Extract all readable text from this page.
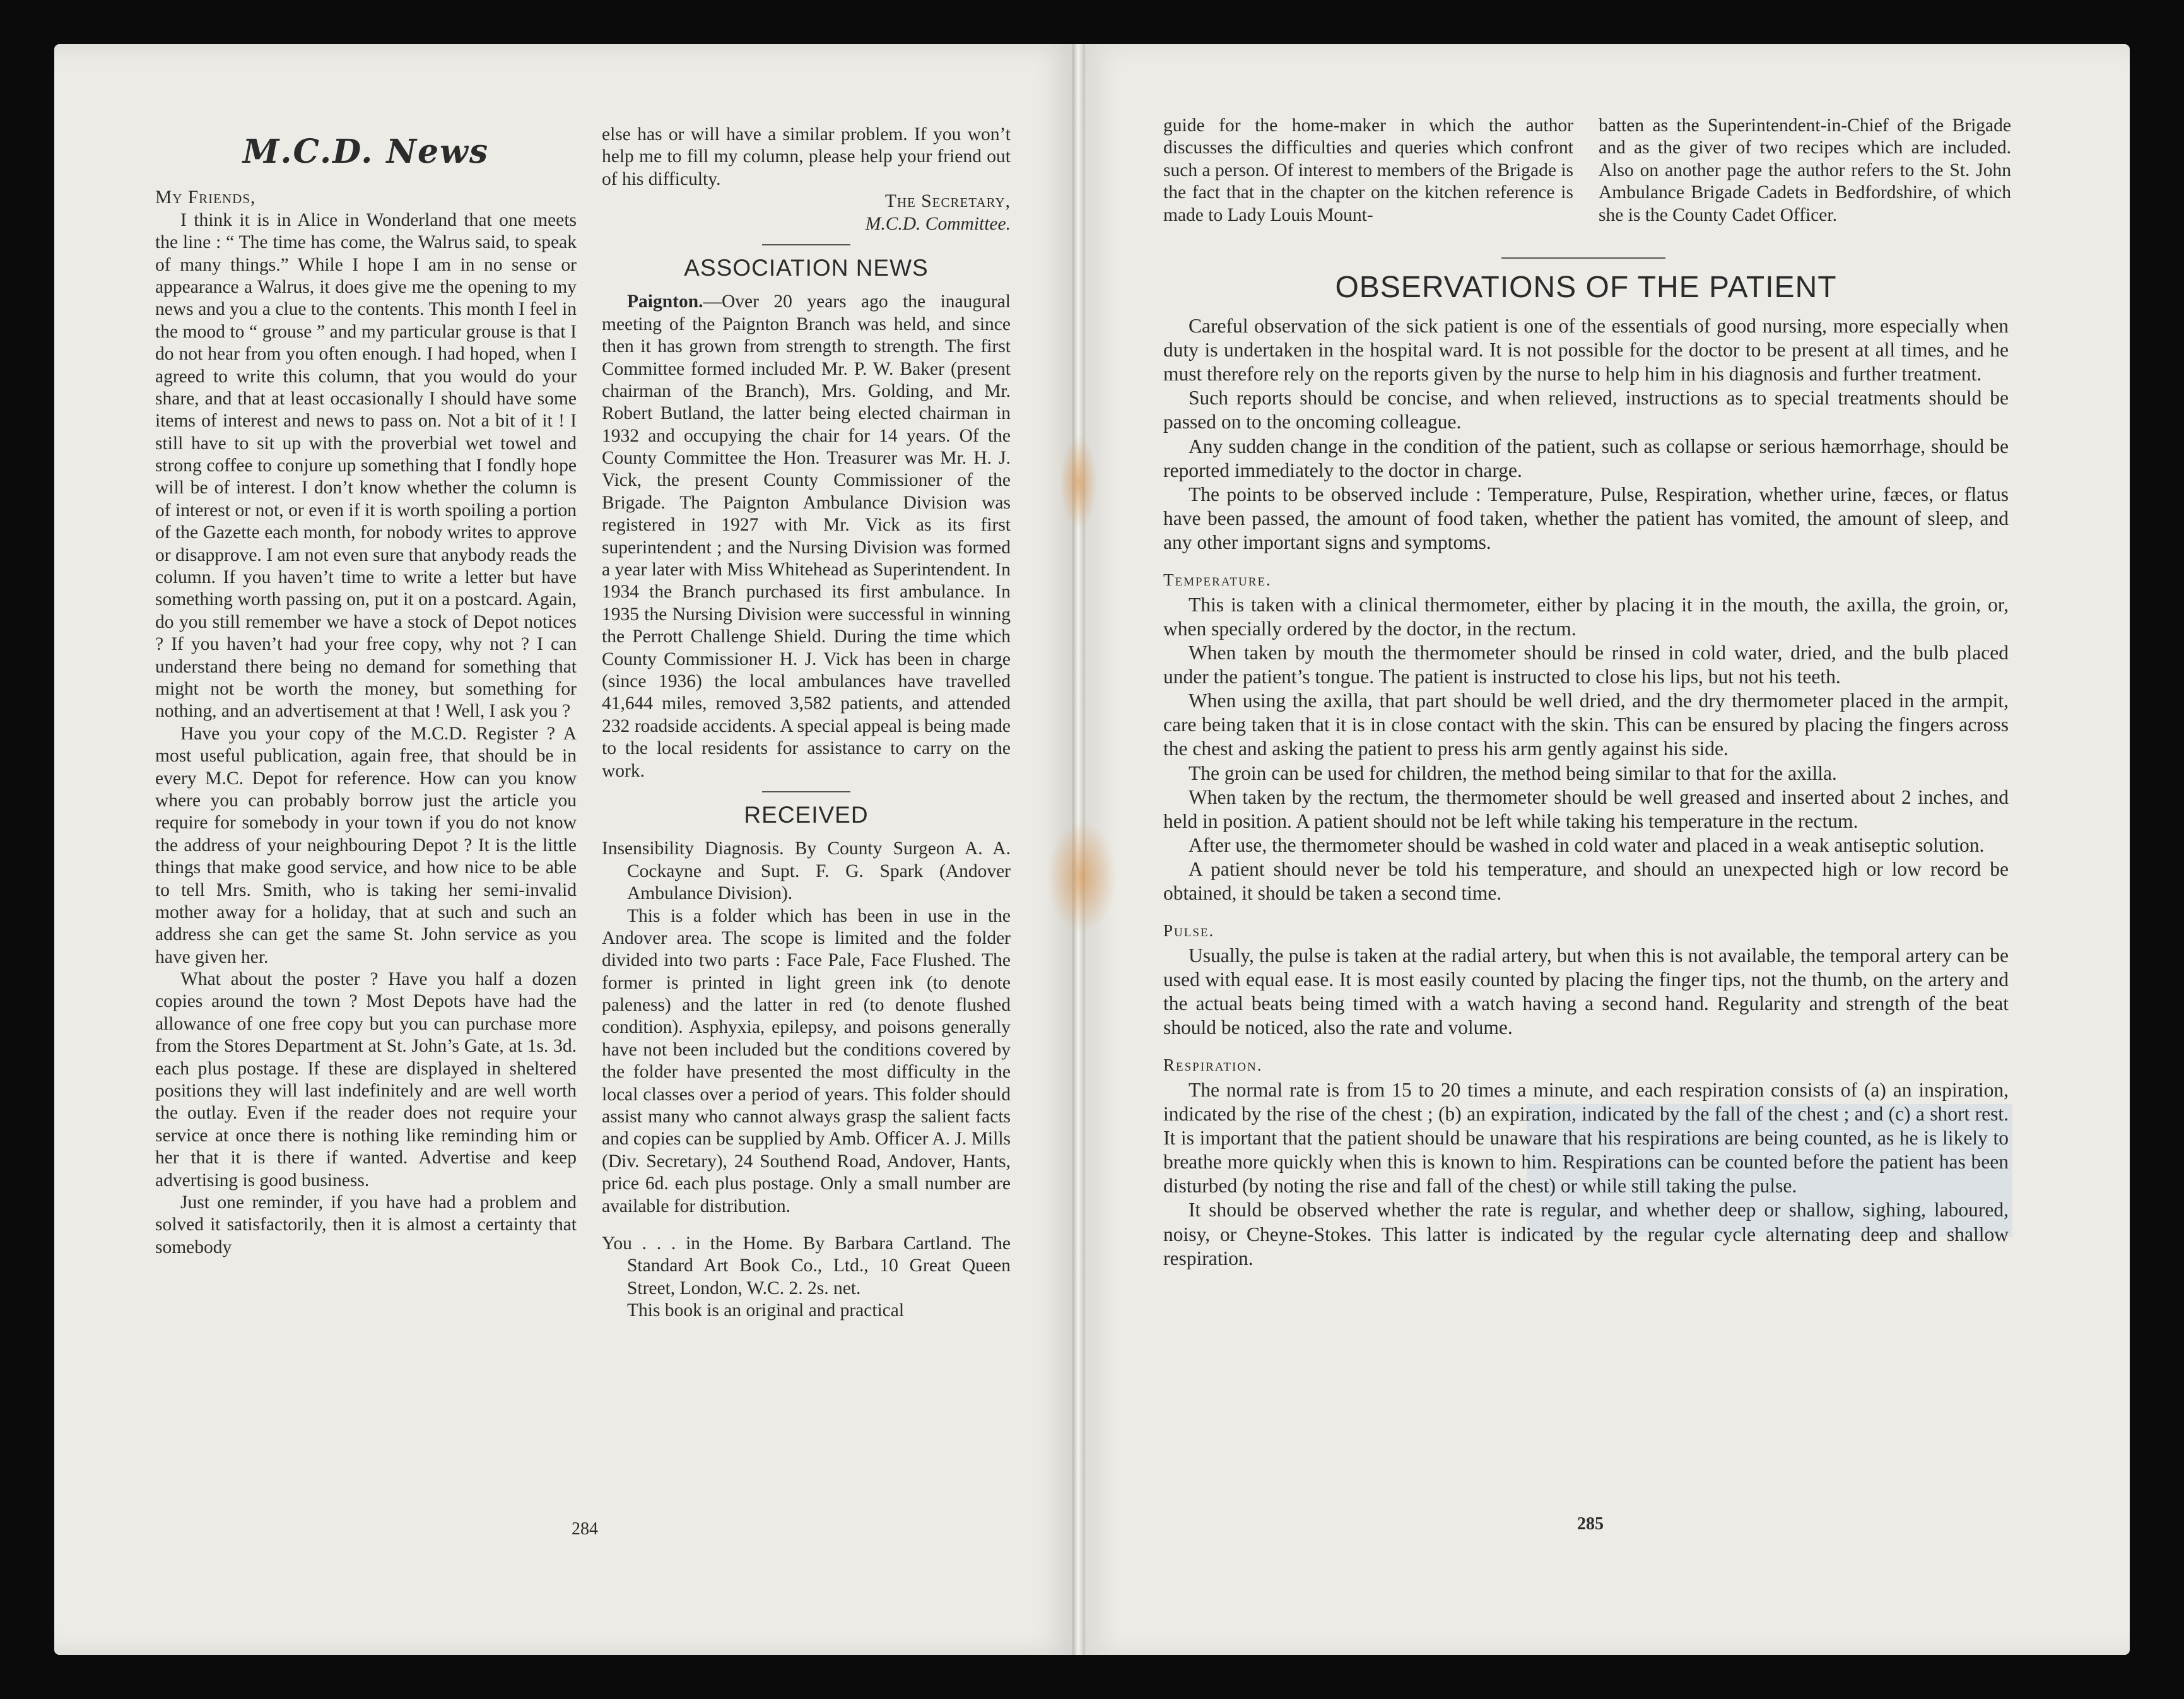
M.C.D. News

My Friends,

I think it is in Alice in Wonderland that one meets the line : “ The time has come, the Walrus said, to speak of many things.” While I hope I am in no sense or appearance a Walrus, it does give me the opening to my news and you a clue to the contents. This month I feel in the mood to “ grouse ” and my particular grouse is that I do not hear from you often enough. I had hoped, when I agreed to write this column, that you would do your share, and that at least occasionally I should have some items of interest and news to pass on. Not a bit of it ! I still have to sit up with the proverbial wet towel and strong coffee to conjure up something that I fondly hope will be of interest. I don’t know whether the column is of interest or not, or even if it is worth spoiling a portion of the Gazette each month, for nobody writes to approve or disapprove. I am not even sure that anybody reads the column. If you haven’t time to write a letter but have something worth passing on, put it on a postcard. Again, do you still remember we have a stock of Depot notices ? If you haven’t had your free copy, why not ? I can understand there being no demand for something that might not be worth the money, but something for nothing, and an advertisement at that ! Well, I ask you ?

Have you your copy of the M.C.D. Register ? A most useful publication, again free, that should be in every M.C. Depot for reference. How can you know where you can probably borrow just the article you require for somebody in your town if you do not know the address of your neighbouring Depot ? It is the little things that make good service, and how nice to be able to tell Mrs. Smith, who is taking her semi-invalid mother away for a holiday, that at such and such an address she can get the same St. John service as you have given her.

What about the poster ? Have you half a dozen copies around the town ? Most Depots have had the allowance of one free copy but you can purchase more from the Stores Department at St. John’s Gate, at 1s. 3d. each plus postage. If these are displayed in sheltered positions they will last indefinitely and are well worth the outlay. Even if the reader does not require your service at once there is nothing like reminding him or her that it is there if wanted. Advertise and keep advertising is good business.

Just one reminder, if you have had a problem and solved it satisfactorily, then it is almost a certainty that somebody

else has or will have a similar problem. If you won’t help me to fill my column, please help your friend out of his difficulty.

The Secretary,

M.C.D. Committee.

ASSOCIATION NEWS

Paignton.—Over 20 years ago the inaugural meeting of the Paignton Branch was held, and since then it has grown from strength to strength. The first Committee formed included Mr. P. W. Baker (present chairman of the Branch), Mrs. Golding, and Mr. Robert Butland, the latter being elected chairman in 1932 and occupying the chair for 14 years. Of the County Committee the Hon. Treasurer was Mr. H. J. Vick, the present County Commissioner of the Brigade. The Paignton Ambulance Division was registered in 1927 with Mr. Vick as its first superintendent ; and the Nursing Division was formed a year later with Miss Whitehead as Superintendent. In 1934 the Branch purchased its first ambulance. In 1935 the Nursing Division were successful in winning the Perrott Challenge Shield. During the time which County Commissioner H. J. Vick has been in charge (since 1936) the local ambulances have travelled 41,644 miles, removed 3,582 patients, and attended 232 roadside accidents. A special appeal is being made to the local residents for assistance to carry on the work.

RECEIVED

Insensibility Diagnosis. By County Surgeon A. A. Cockayne and Supt. F. G. Spark (Andover Ambulance Division).

This is a folder which has been in use in the Andover area. The scope is limited and the folder divided into two parts : Face Pale, Face Flushed. The former is printed in light green ink (to denote paleness) and the latter in red (to denote flushed condition). Asphyxia, epilepsy, and poisons generally have not been included but the conditions covered by the folder have presented the most difficulty in the local classes over a period of years. This folder should assist many who cannot always grasp the salient facts and copies can be supplied by Amb. Officer A. J. Mills (Div. Secretary), 24 Southend Road, Andover, Hants, price 6d. each plus postage. Only a small number are available for distribution.

You . . . in the Home. By Barbara Cartland. The Standard Art Book Co., Ltd., 10 Great Queen Street, London, W.C. 2. 2s. net.

This book is an original and practical

284

guide for the home-maker in which the author discusses the difficulties and queries which confront such a person. Of interest to members of the Brigade is the fact that in the chapter on the kitchen reference is made to Lady Louis Mount-

batten as the Superintendent-in-Chief of the Brigade and as the giver of two recipes which are included. Also on another page the author refers to the St. John Ambulance Brigade Cadets in Bedfordshire, of which she is the County Cadet Officer.

OBSERVATIONS OF THE PATIENT

Careful observation of the sick patient is one of the essentials of good nursing, more especially when duty is undertaken in the hospital ward. It is not possible for the doctor to be present at all times, and he must therefore rely on the reports given by the nurse to help him in his diagnosis and further treatment.

Such reports should be concise, and when relieved, instructions as to special treatments should be passed on to the oncoming colleague.

Any sudden change in the condition of the patient, such as collapse or serious hæmorrhage, should be reported immediately to the doctor in charge.

The points to be observed include : Temperature, Pulse, Respiration, whether urine, fæces, or flatus have been passed, the amount of food taken, whether the patient has vomited, the amount of sleep, and any other important signs and symptoms.

Temperature.

This is taken with a clinical thermometer, either by placing it in the mouth, the axilla, the groin, or, when specially ordered by the doctor, in the rectum.

When taken by mouth the thermometer should be rinsed in cold water, dried, and the bulb placed under the patient’s tongue. The patient is instructed to close his lips, but not his teeth.

When using the axilla, that part should be well dried, and the dry thermometer placed in the armpit, care being taken that it is in close contact with the skin. This can be ensured by placing the fingers across the chest and asking the patient to press his arm gently against his side.

The groin can be used for children, the method being similar to that for the axilla.

When taken by the rectum, the thermometer should be well greased and inserted about 2 inches, and held in position. A patient should not be left while taking his temperature in the rectum.

After use, the thermometer should be washed in cold water and placed in a weak antiseptic solution.

A patient should never be told his temperature, and should an unexpected high or low record be obtained, it should be taken a second time.

Pulse.

Usually, the pulse is taken at the radial artery, but when this is not available, the temporal artery can be used with equal ease. It is most easily counted by placing the finger tips, not the thumb, on the artery and the actual beats being timed with a watch having a second hand. Regularity and strength of the beat should be noticed, also the rate and volume.

Respiration.

The normal rate is from 15 to 20 times a minute, and each respiration consists of (a) an inspiration, indicated by the rise of the chest ; (b) an expiration, indicated by the fall of the chest ; and (c) a short rest. It is important that the patient should be unaware that his respirations are being counted, as he is likely to breathe more quickly when this is known to him. Respirations can be counted before the patient has been disturbed (by noting the rise and fall of the chest) or while still taking the pulse.

It should be observed whether the rate is regular, and whether deep or shallow, sighing, laboured, noisy, or Cheyne-Stokes. This latter is indicated by the regular cycle alternating deep and shallow respiration.

285
